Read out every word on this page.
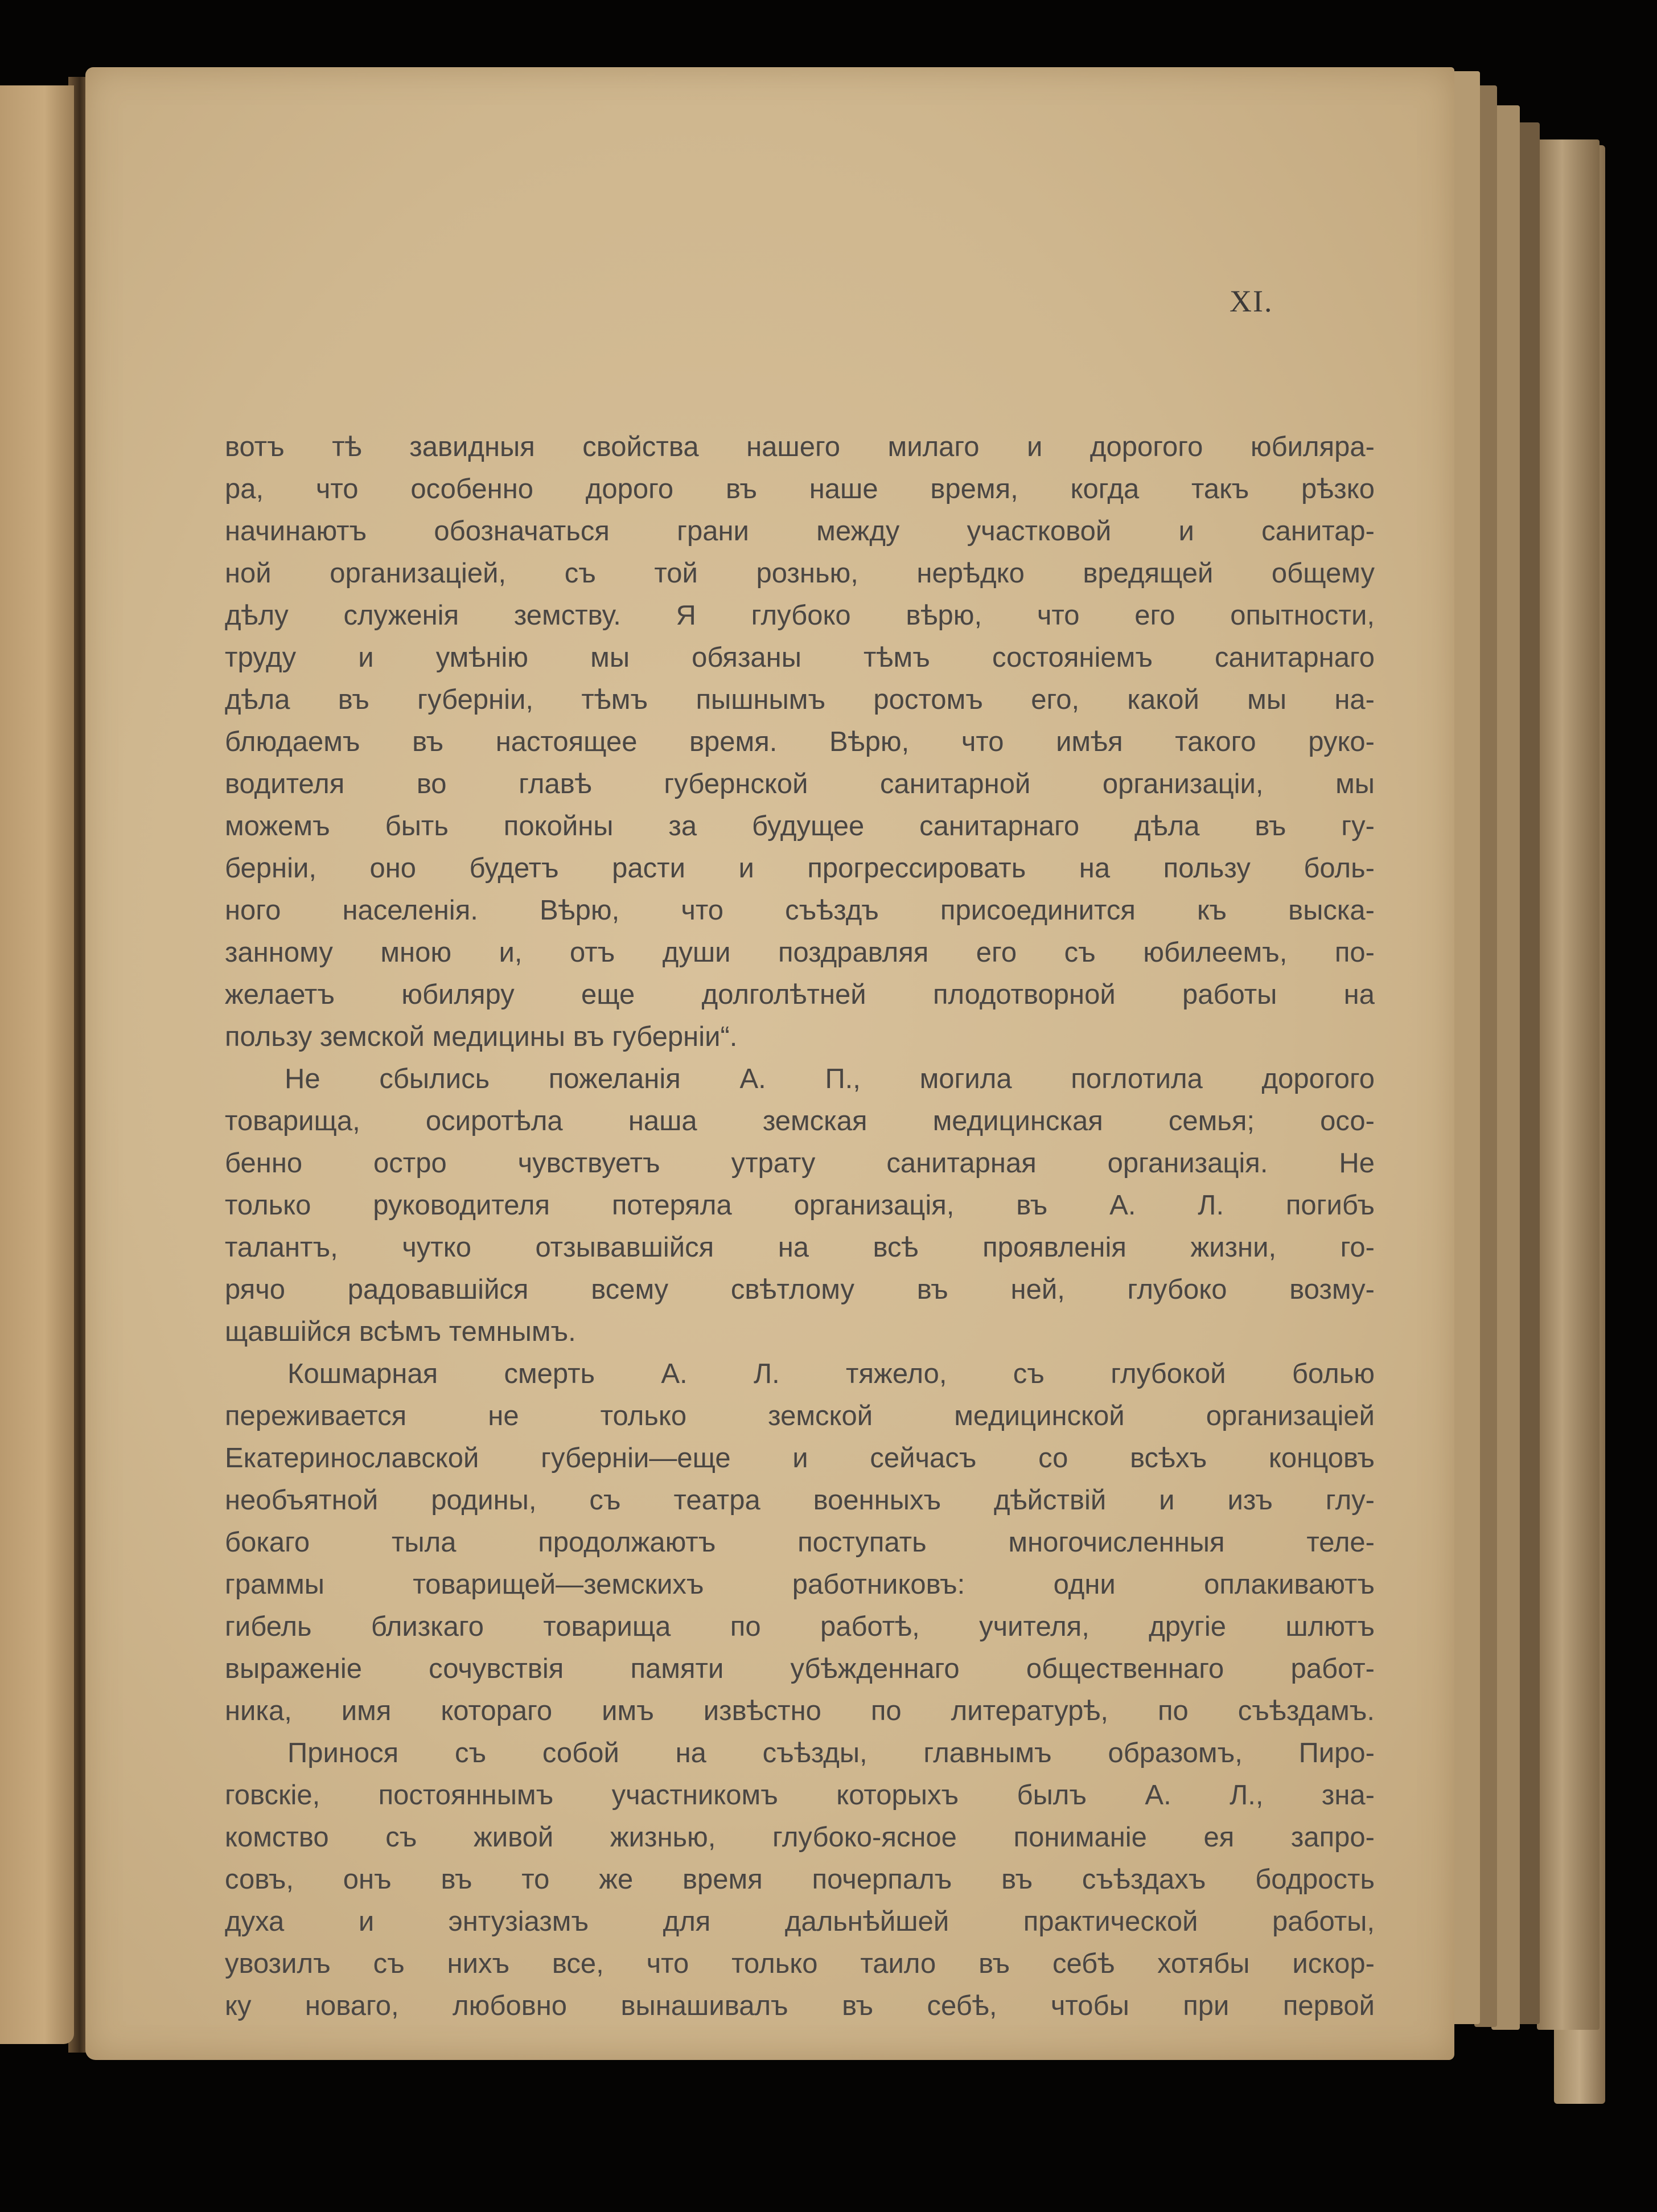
XI.
вотъ тѣ завидныя свойства нашего милаго и дорогого юбиляра-
ра, что особенно дорого въ наше время, когда такъ рѣзко
начинаютъ обозначаться грани между участковой и санитар-
ной организацiей, съ той рознью, нерѣдко вредящей общему
дѣлу служенiя земству. Я глубоко вѣрю, что его опытности,
труду и умѣнiю мы обязаны тѣмъ состоянiемъ санитарнаго
дѣла въ губернiи, тѣмъ пышнымъ ростомъ его, какой мы на-
блюдаемъ въ настоящее время. Вѣрю, что имѣя такого руко-
водителя во главѣ губернской санитарной организацiи, мы
можемъ быть покойны за будущее санитарнаго дѣла въ гу-
бернiи, оно будетъ расти и прогрессировать на пользу боль-
ного населенiя. Вѣрю, что съѣздъ присоединится къ выска-
занному мною и, отъ души поздравляя его съ юбилеемъ, по-
желаетъ юбиляру еще долголѣтней плодотворной работы на
пользу земской медицины въ губернiи“.
Не сбылись пожеланiя А. П., могила поглотила дорогого
товарища, осиротѣла наша земская медицинская семья; осо-
бенно остро чувствуетъ утрату санитарная организацiя. Не
только руководителя потеряла организацiя, въ А. Л. погибъ
талантъ, чутко отзывавшiйся на всѣ проявленiя жизни, го-
рячо радовавшiйся всему свѣтлому въ ней, глубоко возму-
щавшiйся всѣмъ темнымъ.
Кошмарная смерть А. Л. тяжело, съ глубокой болью
переживается не только земской медицинской организацiей
Екатеринославской губернiи—еще и сейчасъ со всѣхъ концовъ
необъятной родины, съ театра военныхъ дѣйствiй и изъ глу-
бокаго тыла продолжаютъ поступать многочисленныя теле-
граммы товарищей—земскихъ работниковъ: одни оплакиваютъ
гибель близкаго товарища по работѣ, учителя, другiе шлютъ
выраженiе сочувствiя памяти убѣжденнаго общественнаго работ-
ника, имя котораго имъ извѣстно по литературѣ, по съѣздамъ.
Принося съ собой на съѣзды, главнымъ образомъ, Пиро-
говскiе, постояннымъ участникомъ которыхъ былъ А. Л., зна-
комство съ живой жизнью, глубоко-ясное пониманiе ея запро-
совъ, онъ въ то же время почерпалъ въ съѣздахъ бодрость
духа и энтузiазмъ для дальнѣйшей практической работы,
увозилъ съ нихъ все, что только таило въ себѣ хотябы искор-
ку новаго, любовно вынашивалъ въ себѣ, чтобы при первой
